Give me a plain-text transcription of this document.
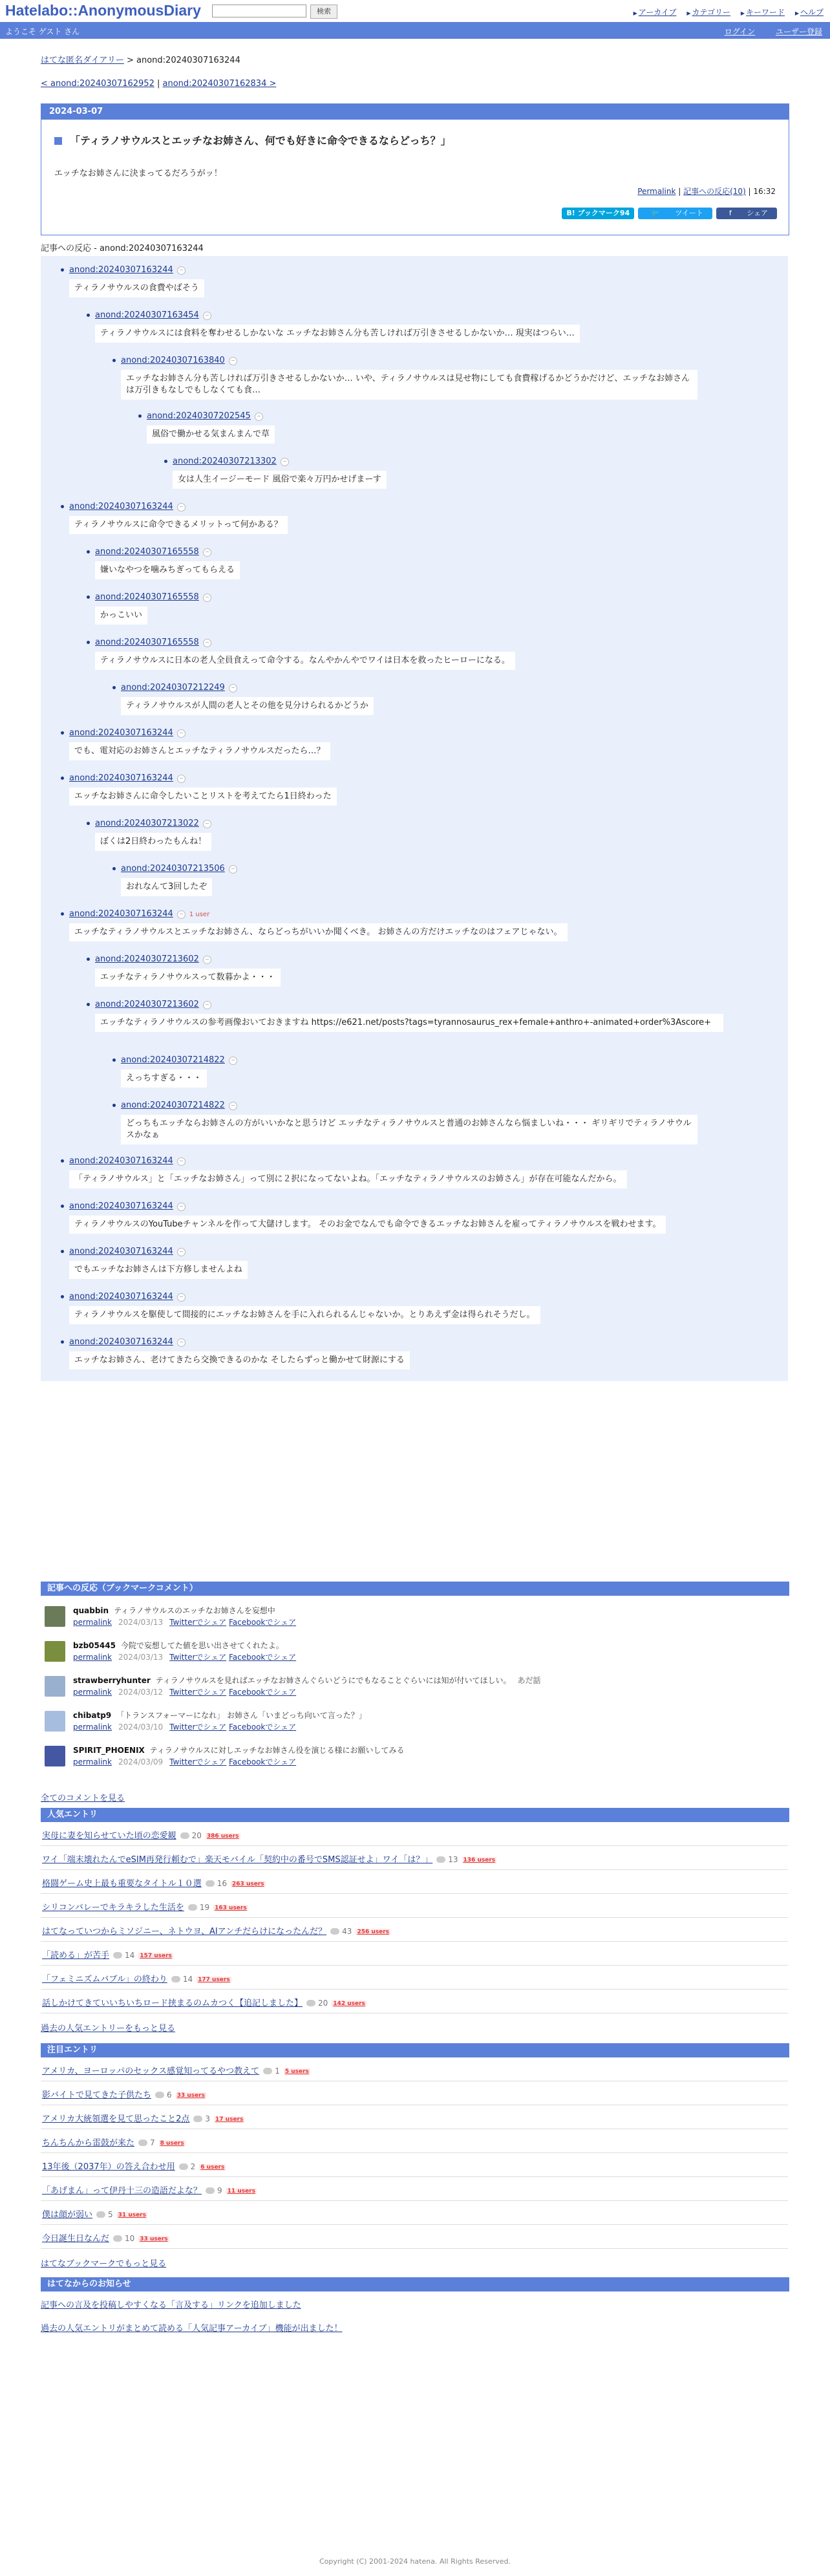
Hatelabo::AnonymousDiary	検索	▶ アーカイブ ▶ カテゴリー ▶ キーワード ▶ ヘルプ
ようこそ ゲスト さん	ログイン	ユーザー登録
はてな匿名ダイアリー > anond:20240307163244
< anond:20240307162952 | anond:20240307162834 >
2024-03-07
「ティラノサウルスとエッチなお姉さん、何でも好きに命令できるならどっち？」
エッチなお姉さんに決まってるだろうがッ！
Permalink | 記事への反応(10) | 16:32
B! ブックマーク94	🐦 ツイート	f シェア
記事への反応 - anond:20240307163244
anond:20240307163244 −
ティラノサウルスの食費やばそう
anond:20240307163454 −
ティラノサウルスには食料を奪わせるしかないな エッチなお姉さん分も苦しければ万引きさせるしかないか… 現実はつらい…
anond:20240307163840 −
エッチなお姉さん分も苦しければ万引きさせるしかないか… いや、ティラノサウルスは見せ物にしても食費稼げるかどうかだけど、エッチなお姉さんは万引きもなしでもしなくても食…
anond:20240307202545 −
風俗で働かせる気まんまんで草
anond:20240307213302 −
女は人生イージーモード 風俗で楽々万円かせげまーす
anond:20240307163244 −
ティラノサウルスに命令できるメリットって何かある？
anond:20240307165558 −
嫌いなやつを噛みちぎってもらえる
anond:20240307165558 −
かっこいい
anond:20240307165558 −
ティラノサウルスに日本の老人全員食えって命令する。なんやかんやでワイは日本を救ったヒーローになる。
anond:20240307212249 −
ティラノサウルスが人間の老人とその他を見分けられるかどうか
anond:20240307163244 −
でも、電対応のお姉さんとエッチなティラノサウルスだったら…？
anond:20240307163244 −
エッチなお姉さんに命令したいことリストを考えてたら1日終わった
anond:20240307213022 −
ぼくは2日終わったもんね！
anond:20240307213506 −
おれなんて3回したぞ
anond:20240307163244 − 1 user
エッチなティラノサウルスとエッチなお姉さん、ならどっちがいいか聞くべき。 お姉さんの方だけエッチなのはフェアじゃない。
anond:20240307213602 −
エッチなティラノサウルスって数暮かよ・・・
anond:20240307213602 −
エッチなティラノサウルスの参考画像おいておきますね https://e621.net/posts?tags=tyrannosaurus_rex+female+anthro+-animated+order%3Ascore+
anond:20240307214822 −
えっちすぎる・・・
anond:20240307214822 −
どっちもエッチならお姉さんの方がいいかなと思うけど エッチなティラノサウルスと普通のお姉さんなら悩ましいね・・・ ギリギリでティラノサウルスかなぁ
anond:20240307163244 −
「ティラノサウルス」と「エッチなお姉さん」って別に２択になってないよね。「エッチなティラノサウルスのお姉さん」が存在可能なんだから。
anond:20240307163244 −
ティラノサウルスのYouTubeチャンネルを作って大儲けします。 そのお金でなんでも命令できるエッチなお姉さんを雇ってティラノサウルスを戦わせます。
anond:20240307163244 −
でもエッチなお姉さんは下方修しませんよね
anond:20240307163244 −
ティラノサウルスを駆使して間接的にエッチなお姉さんを手に入れられるんじゃないか。とりあえず金は得られそうだし。
anond:20240307163244 −
エッチなお姉さん、老けてきたら交換できるのかな そしたらずっと働かせて財源にする
記事への反応（ブックマークコメント）
quabbin ティラノサウルスのエッチなお姉さんを妄想中
permalink 2024/03/13 Twitterでシェア Facebookでシェア
bzb05445 今院で妄想してた値を思い出させてくれたよ。
permalink 2024/03/13 Twitterでシェア Facebookでシェア
strawberryhunter ティラノサウルスを見ればエッチなお姉さんぐらいどうにでもなることぐらいには知が付いてほしい。 あだ話
permalink 2024/03/12 Twitterでシェア Facebookでシェア
chibatp9 「トランスフォーマーになれ」 お姉さん「いまどっち向いて言った？」
permalink 2024/03/10 Twitterでシェア Facebookでシェア
SPIRIT_PHOENIX ティラノサウルスに対しエッチなお姉さん役を演じる様にお願いしてみる
permalink 2024/03/09 Twitterでシェア Facebookでシェア
全てのコメントを見る
人気エントリ
実母に妻を知らせていた頃の恋愛観 20 386 users
ワイ「端末壊れたんでeSIM再発行頼むで」楽天モバイル「契約中の番号でSMS認証せよ」ワイ「は？」 13 136 users
格闘ゲーム史上最も重要なタイトル１０選 16 263 users
シリコンバレーでキラキラした生活を 19 163 users
はてなっていつからミソジニー、ネトウヨ、AIアンチだらけになったんだ？ 43 256 users
「読める」が苦手 14 157 users
「フェミニズムバブル」の終わり 14 177 users
話しかけてきていいちいちロード挟まるのムカつく【追記しました】 20 142 users
過去の人気エントリーをもっと見る
注目エントリ
アメリカ、ヨーロッパのセックス感覚知ってるやつ教えて 1 5 users
影バイトで見てきた子供たち 6 33 users
アメリカ大統領選を見て思ったこと2点 3 17 users
ちんちんから雷鼓が来た 7 8 users
13年後（2037年）の答え合わせ用 2 6 users
「あげまん」って伊丹十三の造語だよな？ 9 11 users
僕は顔が弱い 5 31 users
今日誕生日なんだ 10 33 users
はてなブックマークでもっと見る
はてなからのお知らせ
記事への言及を投稿しやすくなる「言及する」リンクを追加しました
過去の人気エントリがまとめて読める「人気記事アーカイブ」機能が出ました！
Copyright (C) 2001-2024 hatena. All Rights Reserved.
